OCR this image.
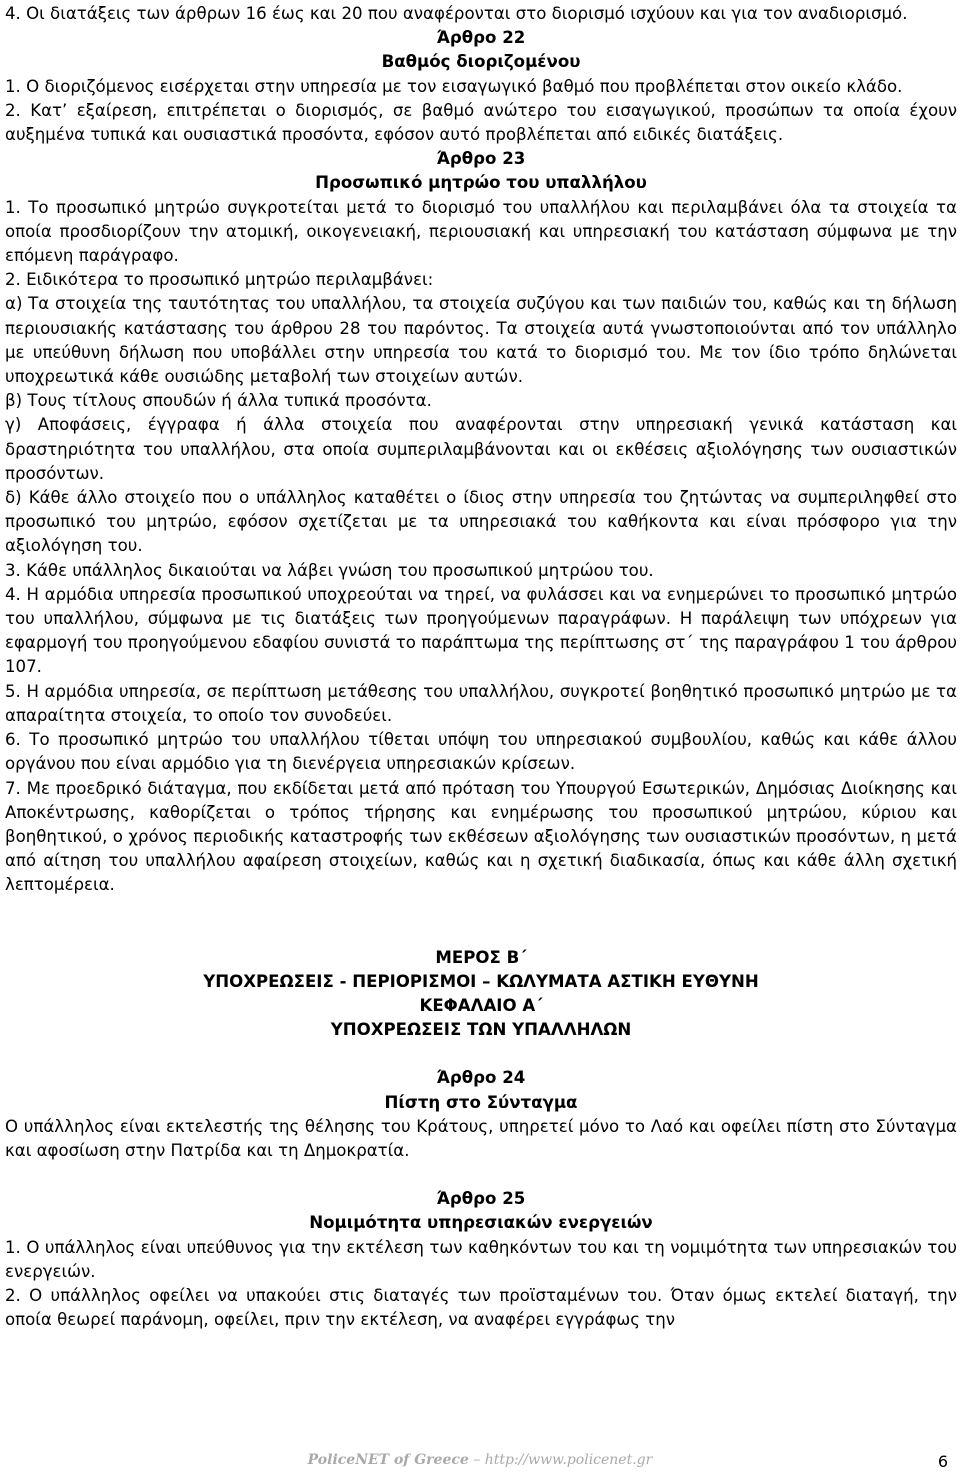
4. Οι διατάξεις των άρθρων 16 έως και 20 που αναφέρονται στο διορισμό ισχύουν και για τον αναδιορισμό.

Άρθρο 22

Βαθμός διοριζομένου

1. Ο διοριζόμενος εισέρχεται στην υπηρεσία με τον εισαγωγικό βαθμό που προβλέπεται στον οικείο κλάδο.

2. Κατ’ εξαίρεση, επιτρέπεται ο διορισμός, σε βαθμό ανώτερο του εισαγωγικού, προσώπων τα οποία έχουν αυξημένα τυπικά και ουσιαστικά προσόντα, εφόσον αυτό προβλέπεται από ειδικές διατάξεις.

Άρθρο 23

Προσωπικό μητρώο του υπαλλήλου

1. Το προσωπικό μητρώο συγκροτείται μετά το διορισμό του υπαλλήλου και περιλαμβάνει όλα τα στοιχεία τα οποία προσδιορίζουν την ατομική, οικογενειακή, περιουσιακή και υπηρεσιακή του κατάσταση σύμφωνα με την επόμενη παράγραφο.

2. Ειδικότερα το προσωπικό μητρώο περιλαμβάνει:

α) Τα στοιχεία της ταυτότητας του υπαλλήλου, τα στοιχεία συζύγου και των παιδιών του, καθώς και τη δήλωση περιουσιακής κατάστασης του άρθρου 28 του παρόντος. Τα στοιχεία αυτά γνωστοποιούνται από τον υπάλληλο με υπεύθυνη δήλωση που υποβάλλει στην υπηρεσία του κατά το διορισμό του. Με τον ίδιο τρόπο δηλώνεται υποχρεωτικά κάθε ουσιώδης μεταβολή των στοιχείων αυτών.

β) Τους τίτλους σπουδών ή άλλα τυπικά προσόντα.

γ) Αποφάσεις, έγγραφα ή άλλα στοιχεία που αναφέρονται στην υπηρεσιακή γενικά κατάσταση και δραστηριότητα του υπαλλήλου, στα οποία συμπεριλαμβάνονται και οι εκθέσεις αξιολόγησης των ουσιαστικών προσόντων.

δ) Κάθε άλλο στοιχείο που ο υπάλληλος καταθέτει ο ίδιος στην υπηρεσία του ζητώντας να συμπεριληφθεί στο προσωπικό του μητρώο, εφόσον σχετίζεται με τα υπηρεσιακά του καθήκοντα και είναι πρόσφορο για την αξιολόγηση του.

3. Κάθε υπάλληλος δικαιούται να λάβει γνώση του προσωπικού μητρώου του.

4. Η αρμόδια υπηρεσία προσωπικού υποχρεούται να τηρεί, να φυλάσσει και να ενημερώνει το προσωπικό μητρώο του υπαλλήλου, σύμφωνα με τις διατάξεις των προηγούμενων παραγράφων. Η παράλειψη των υπόχρεων για εφαρμογή του προηγούμενου εδαφίου συνιστά το παράπτωμα της περίπτωσης στ΄ της παραγράφου 1 του άρθρου 107.

5. Η αρμόδια υπηρεσία, σε περίπτωση μετάθεσης του υπαλλήλου, συγκροτεί βοηθητικό προσωπικό μητρώο με τα απαραίτητα στοιχεία, το οποίο τον συνοδεύει.

6. Το προσωπικό μητρώο του υπαλλήλου τίθεται υπόψη του υπηρεσιακού συμβουλίου, καθώς και κάθε άλλου οργάνου που είναι αρμόδιο για τη διενέργεια υπηρεσιακών κρίσεων.

7. Με προεδρικό διάταγμα, που εκδίδεται μετά από πρόταση του Υπουργού Εσωτερικών, Δημόσιας Διοίκησης και Αποκέντρωσης, καθορίζεται ο τρόπος τήρησης και ενημέρωσης του προσωπικού μητρώου, κύριου και βοηθητικού, ο χρόνος περιοδικής καταστροφής των εκθέσεων αξιολόγησης των ουσιαστικών προσόντων, η μετά από αίτηση του υπαλλήλου αφαίρεση στοιχείων, καθώς και η σχετική διαδικασία, όπως και κάθε άλλη σχετική λεπτομέρεια.

ΜΕΡΟΣ Β΄

ΥΠΟΧΡΕΩΣΕΙΣ - ΠΕΡΙΟΡΙΣΜΟΙ – ΚΩΛΥΜΑΤΑ ΑΣΤΙΚΗ ΕΥΘΥΝΗ

ΚΕΦΑΛΑΙΟ Α΄

ΥΠΟΧΡΕΩΣΕΙΣ ΤΩΝ ΥΠΑΛΛΗΛΩΝ

Άρθρο 24

Πίστη στο Σύνταγμα

Ο υπάλληλος είναι εκτελεστής της θέλησης του Κράτους, υπηρετεί μόνο το Λαό και οφείλει πίστη στο Σύνταγμα και αφοσίωση στην Πατρίδα και τη Δημοκρατία.

Άρθρο 25

Νομιμότητα υπηρεσιακών ενεργειών

1. Ο υπάλληλος είναι υπεύθυνος για την εκτέλεση των καθηκόντων του και τη νομιμότητα των υπηρεσιακών του ενεργειών.

2. Ο υπάλληλος οφείλει να υπακούει στις διαταγές των προϊσταμένων του. Όταν όμως εκτελεί διαταγή, την οποία θεωρεί παράνομη, οφείλει, πριν την εκτέλεση, να αναφέρει εγγράφως την

PoliceNET of Greece – http://www.policenet.gr	6
